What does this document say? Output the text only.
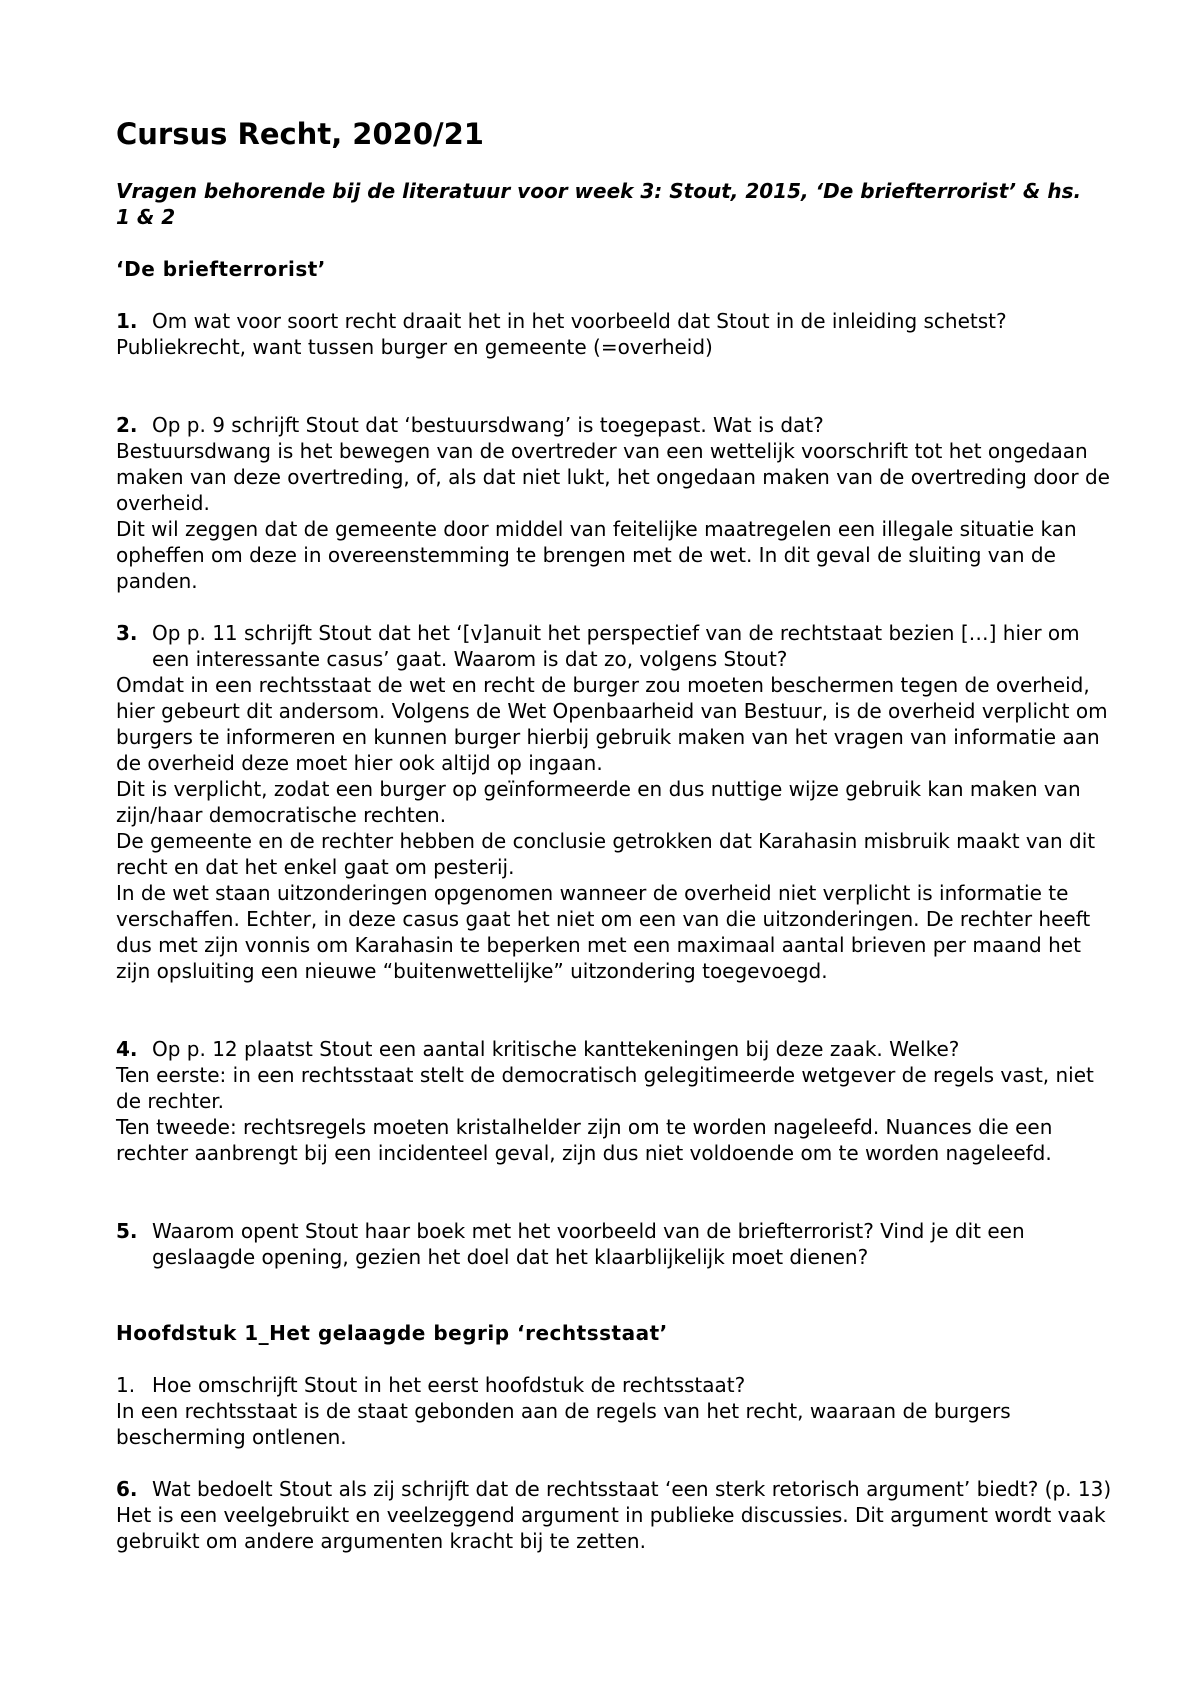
Cursus Recht, 2020/21

Vragen behorende bij de literatuur voor week 3: Stout, 2015, ‘De briefterrorist’ & hs. 1 & 2

‘De briefterrorist’

1. Om wat voor soort recht draait het in het voorbeeld dat Stout in de inleiding schetst?

Publiekrecht, want tussen burger en gemeente (=overheid)

2. Op p. 9 schrijft Stout dat ‘bestuursdwang’ is toegepast. Wat is dat?

Bestuursdwang is het bewegen van de overtreder van een wettelijk voorschrift tot het ongedaan maken van deze overtreding, of, als dat niet lukt, het ongedaan maken van de overtreding door de overheid.

Dit wil zeggen dat de gemeente door middel van feitelijke maatregelen een illegale situatie kan opheffen om deze in overeenstemming te brengen met de wet. In dit geval de sluiting van de panden.

3. Op p. 11 schrijft Stout dat het ‘[v]anuit het perspectief van de rechtstaat bezien […] hier om een interessante casus’ gaat. Waarom is dat zo, volgens Stout?

Omdat in een rechtsstaat de wet en recht de burger zou moeten beschermen tegen de overheid, hier gebeurt dit andersom. Volgens de Wet Openbaarheid van Bestuur, is de overheid verplicht om burgers te informeren en kunnen burger hierbij gebruik maken van het vragen van informatie aan de overheid deze moet hier ook altijd op ingaan.

Dit is verplicht, zodat een burger op geïnformeerde en dus nuttige wijze gebruik kan maken van zijn/haar democratische rechten.

De gemeente en de rechter hebben de conclusie getrokken dat Karahasin misbruik maakt van dit recht en dat het enkel gaat om pesterij.

In de wet staan uitzonderingen opgenomen wanneer de overheid niet verplicht is informatie te verschaffen. Echter, in deze casus gaat het niet om een van die uitzonderingen. De rechter heeft dus met zijn vonnis om Karahasin te beperken met een maximaal aantal brieven per maand het zijn opsluiting een nieuwe “buitenwettelijke” uitzondering toegevoegd.

4. Op p. 12 plaatst Stout een aantal kritische kanttekeningen bij deze zaak. Welke?

Ten eerste: in een rechtsstaat stelt de democratisch gelegitimeerde wetgever de regels vast, niet de rechter.

Ten tweede: rechtsregels moeten kristalhelder zijn om te worden nageleefd. Nuances die een rechter aanbrengt bij een incidenteel geval, zijn dus niet voldoende om te worden nageleefd.

5. Waarom opent Stout haar boek met het voorbeeld van de briefterrorist? Vind je dit een geslaagde opening, gezien het doel dat het klaarblijkelijk moet dienen?

Hoofdstuk 1_Het gelaagde begrip ‘rechtsstaat’

1. Hoe omschrijft Stout in het eerst hoofdstuk de rechtsstaat?

In een rechtsstaat is de staat gebonden aan de regels van het recht, waaraan de burgers bescherming ontlenen.

6. Wat bedoelt Stout als zij schrijft dat de rechtsstaat ‘een sterk retorisch argument’ biedt? (p. 13)

Het is een veelgebruikt en veelzeggend argument in publieke discussies. Dit argument wordt vaak gebruikt om andere argumenten kracht bij te zetten.
